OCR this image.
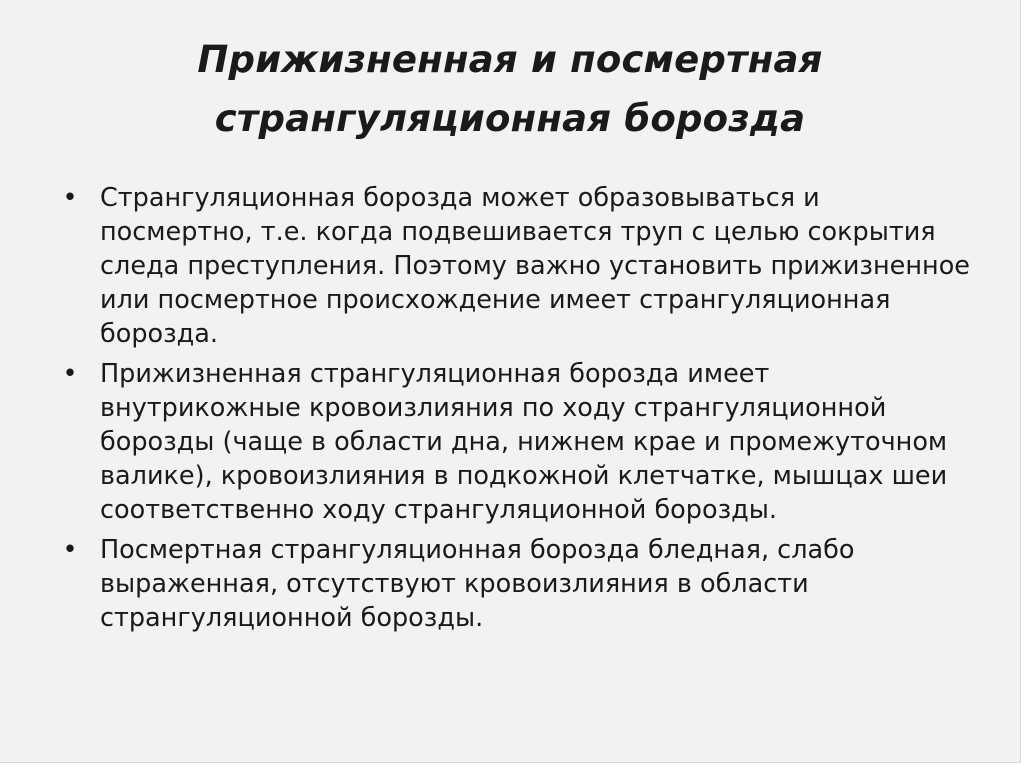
Прижизненная и посмертная
странгуляционная борозда
• Странгуляционная борозда может образовываться и посмертно, т.е. когда подвешивается труп с целью сокрытия следа преступления. Поэтому важно установить прижизненное или посмертное происхождение имеет странгуляционная борозда.
• Прижизненная странгуляционная борозда имеет внутрикожные кровоизлияния по ходу странгуляционной борозды (чаще в области дна, нижнем крае и промежуточном валике), кровоизлияния в подкожной клетчатке, мышцах шеи соответственно ходу странгуляционной борозды.
• Посмертная странгуляционная борозда бледная, слабо выраженная, отсутствуют кровоизлияния в области странгуляционной борозды.
